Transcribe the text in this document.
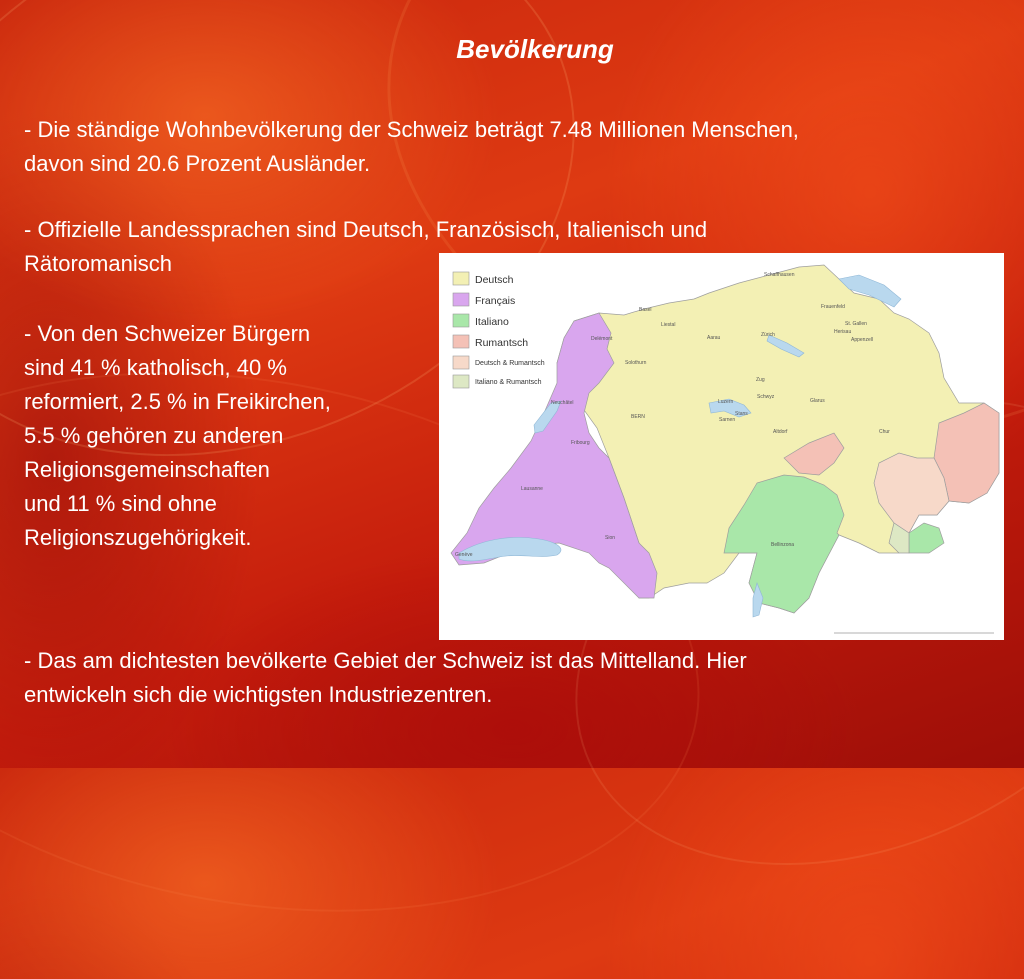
Bevölkerung

- Die ständige Wohnbevölkerung der Schweiz beträgt 7.48 Millionen Menschen,
davon sind 20.6 Prozent Ausländer.

- Offizielle Landessprachen sind Deutsch, Französisch, Italienisch und
Rätoromanisch

- Von den Schweizer Bürgern
sind 41 % katholisch, 40 %
reformiert, 2.5 % in Freikirchen,
5.5 % gehören zu anderen
Religionsgemeinschaften
und 11 % sind ohne
Religionszugehörigkeit.

- Das am dichtesten bevölkerte Gebiet der Schweiz ist das Mittelland. Hier
entwickeln sich die wichtigsten Industriezentren.

Delémont
Basel
Liestal
Schaffhausen
Frauenfeld
Aarau	Zürich
St. Gallen
Herisau
Appenzell
Solothurn
Zug
Luzern
Schwyz
Glarus
Neuchâtel
BERN	Sarnen
Stans
Altdorf	Chur
Fribourg
Lausanne
Genève
Sion
Bellinzona
Deutsch
Français
Italiano
Rumantsch
Deutsch & Rumantsch
Italiano & Rumantsch
